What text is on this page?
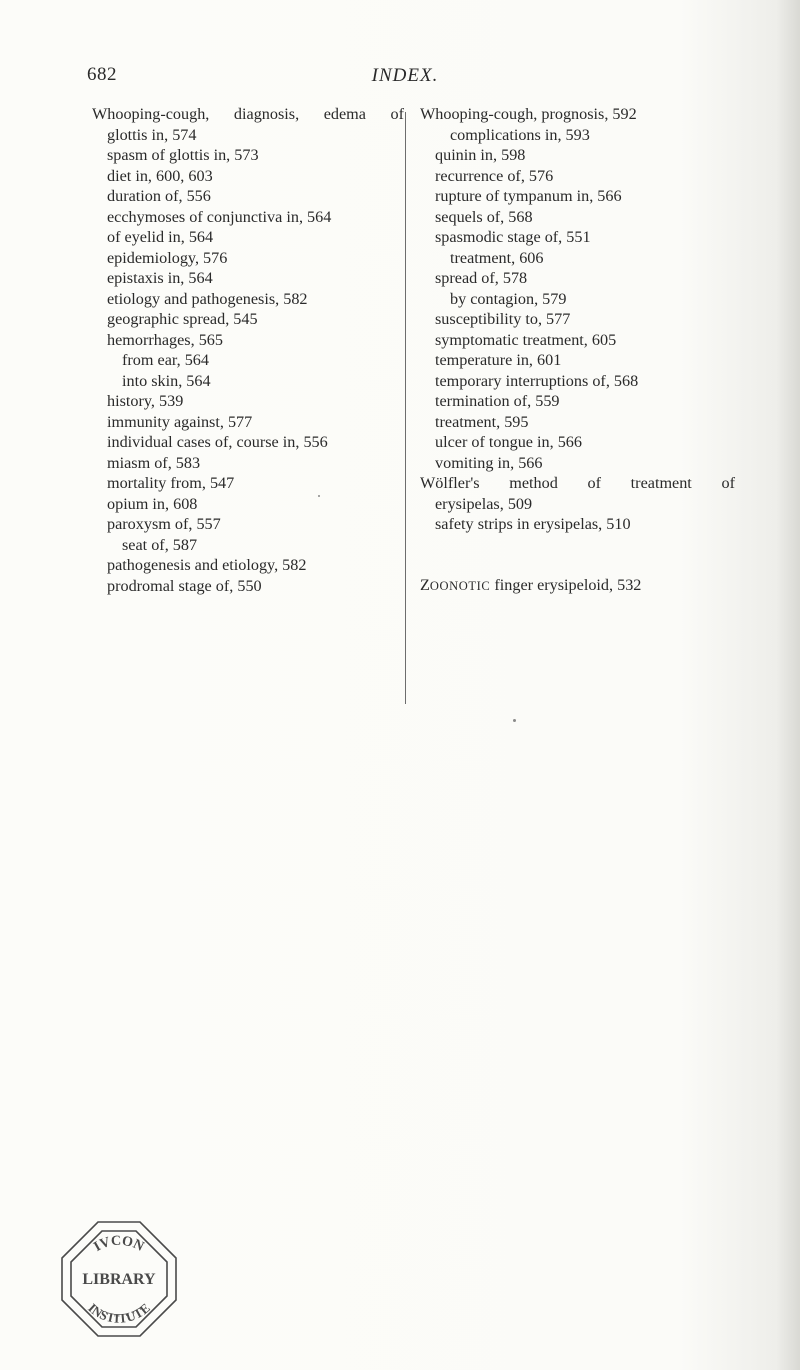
682	INDEX.
Whooping-cough, diagnosis, edema of
glottis in, 574
spasm of glottis in, 573
diet in, 600, 603
duration of, 556
ecchymoses of conjunctiva in, 564
of eyelid in, 564
epidemiology, 576
epistaxis in, 564
etiology and pathogenesis, 582
geographic spread, 545
hemorrhages, 565
from ear, 564
into skin, 564
history, 539
immunity against, 577
individual cases of, course in, 556
miasm of, 583
mortality from, 547
opium in, 608
paroxysm of, 557
seat of, 587
pathogenesis and etiology, 582
prodromal stage of, 550
Whooping-cough, prognosis, 592
complications in, 593
quinin in, 598
recurrence of, 576
rupture of tympanum in, 566
sequels of, 568
spasmodic stage of, 551
treatment, 606
spread of, 578
by contagion, 579
susceptibility to, 577
symptomatic treatment, 605
temperature in, 601
temporary interruptions of, 568
termination of, 559
treatment, 595
ulcer of tongue in, 566
vomiting in, 566
Wölfler's method of treatment of
erysipelas, 509
safety strips in erysipelas, 510
ZOONOTIC finger erysipeloid, 532
IVCON
LIBRARY
INSTITUTE
